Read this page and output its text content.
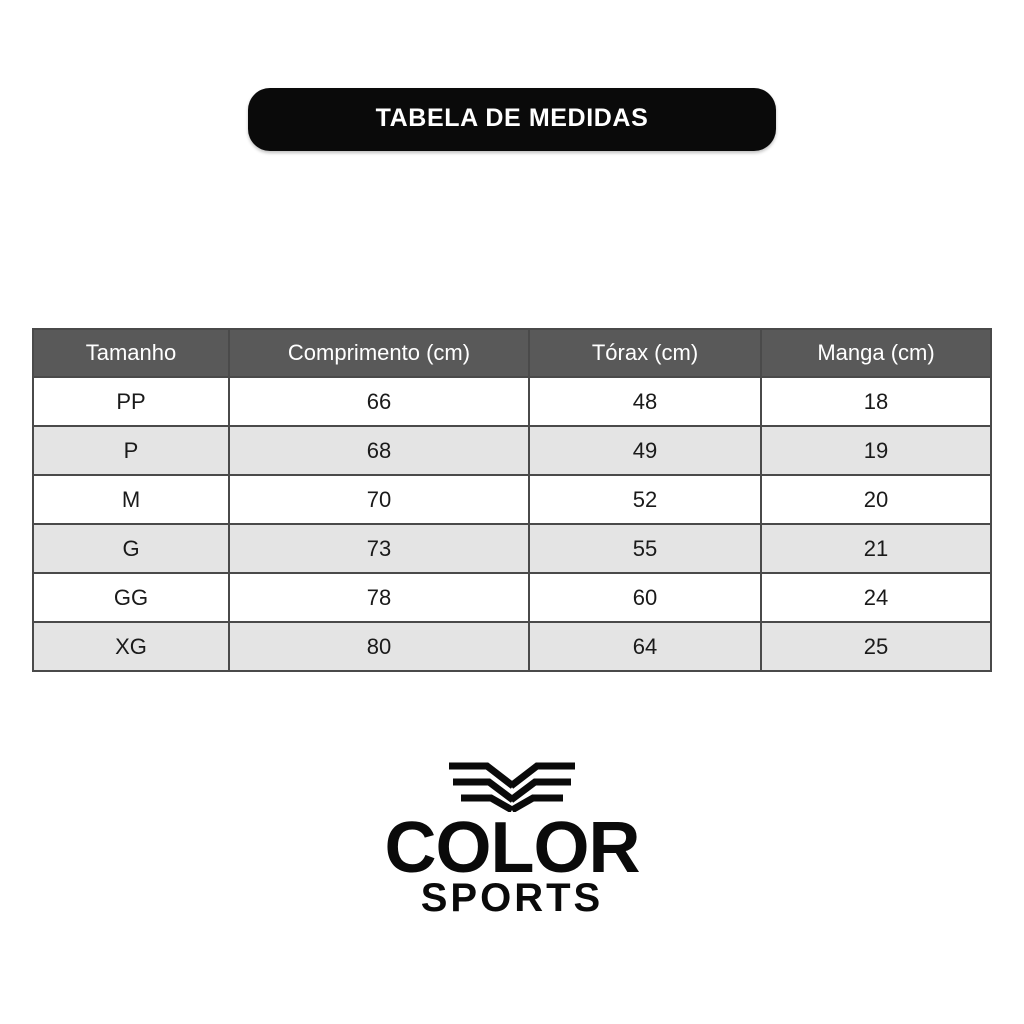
TABELA DE MEDIDAS
Tamanho	Comprimento (cm)	Tórax (cm)	Manga (cm)
PP	66	48	18
P	68	49	19
M	70	52	20
G	73	55	21
GG	78	60	24
XG	80	64	25
COLOR
SPORTS
